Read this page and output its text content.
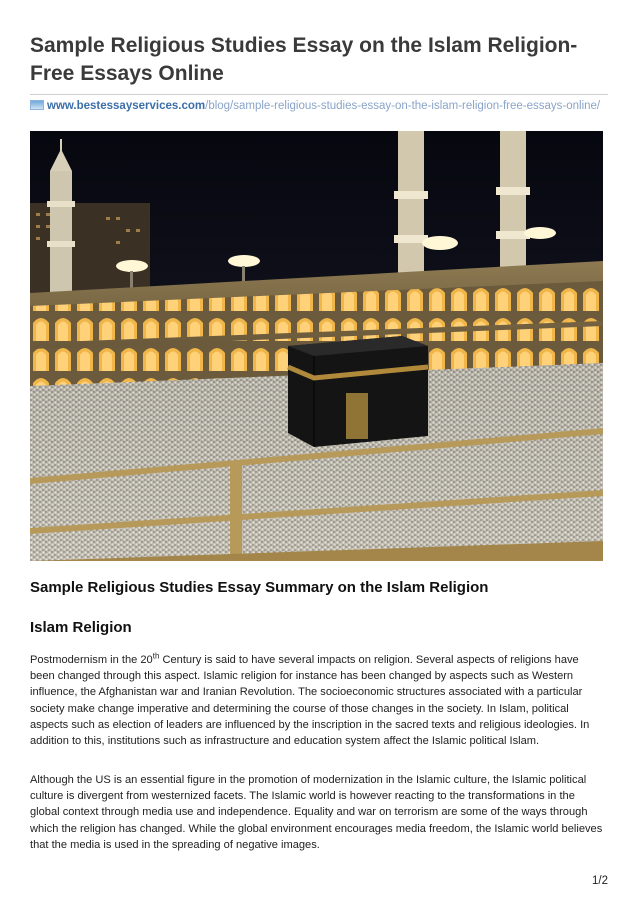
Sample Religious Studies Essay on the Islam Religion- Free Essays Online
www.bestessayservices.com/blog/sample-religious-studies-essay-on-the-islam-religion-free-essays-online/
Sample Religious Studies Essay Summary on the Islam Religion
Islam Religion

Postmodernism in the 20th Century is said to have several impacts on religion. Several aspects of religions have been changed through this aspect. Islamic religion for instance has been changed by aspects such as Western influence, the Afghanistan war and Iranian Revolution. The socioeconomic structures associated with a particular society make change imperative and determining the course of those changes in the society. In Islam, political aspects such as election of leaders are influenced by the inscription in the sacred texts and religious ideologies. In addition to this, institutions such as infrastructure and education system affect the Islamic political Islam.

Although the US is an essential figure in the promotion of modernization in the Islamic culture, the Islamic political culture is divergent from westernized facets. The Islamic world is however reacting to the transformations in the global context through media use and independence. Equality and war on terrorism are some of the ways through which the religion has changed. While the global environment encourages media freedom, the Islamic world believes that the media is used in the spreading of negative images.

1/2
